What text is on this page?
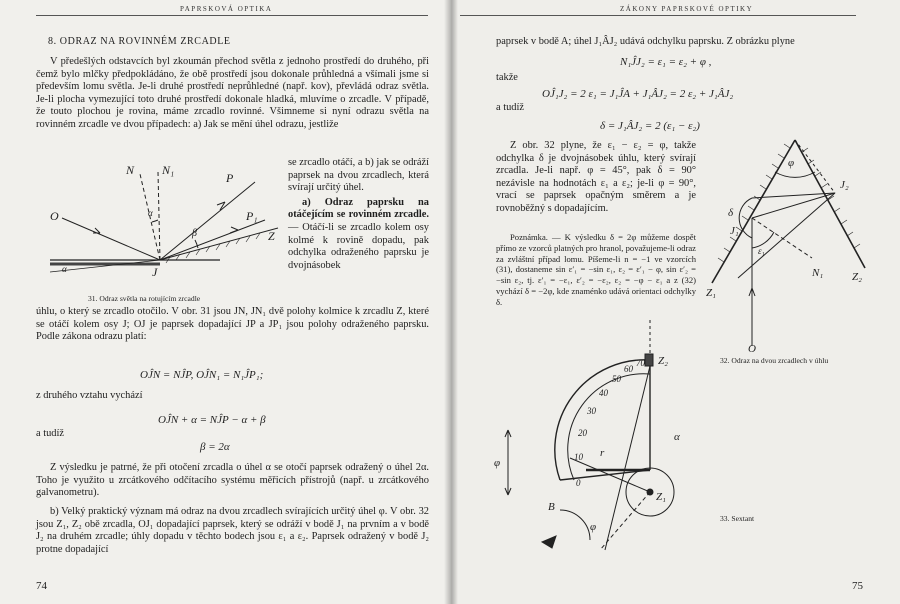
PAPRSKOVÁ OPTIKA
8. ODRAZ NA ROVINNÉM ZRCADLE

V předešlých odstavcích byl zkoumán přechod světla z jednoho prostředí do druhého, při čemž bylo mlčky předpokládáno, že obě prostředí jsou dokonale průhledná a všímali jsme si především lomu světla. Je-li druhé prostředí neprůhledné (např. kov), převládá odraz světla. Je-li plocha vymezující toto druhé prostředí dokonale hladká, mluvíme o zrcadle. V případě, že touto plochou je rovina, máme zrcadlo rovinné. Všimneme si nyní odrazu světla na rovinném zrcadle ve dvou případech: a) Jak se mění úhel odrazu, jestliže

se zrcadlo otáčí, a b) jak se odráží paprsek na dvou zrcadlech, která svírají určitý úhel.

a) Odraz paprsku na otáčejícím se rovinném zrcadle. — Otáčí-li se zrcadlo kolem osy kolmé k rovině dopadu, pak odchylka odraženého paprsku je dvojnásobek

N N₁
P
P₁
O
Z
J
α
β
α
31. Odraz světla na rotujícím zrcadle

úhlu, o který se zrcadlo otočilo. V obr. 31 jsou JN, JN₁ dvě polohy kolmice k zrcadlu Z, které se otáčí kolem osy J; OJ je paprsek dopadající JP a JP₁ jsou polohy odraženého paprsku. Podle zákona odrazu platí:

OĴN = NĴP, OĴN₁ = N₁ĴP₁;
z druhého vztahu vychází
OĴN + α = NĴP − α + β
a tudíž
β = 2α

Z výsledku je patrné, že při otočení zrcadla o úhel α se otočí paprsek odražený o úhel 2α. Toho je využito u zrcátkového odčítacího systému měřicích přístrojů (např. u zrcátkového galvanometru).

b) Velký praktický význam má odraz na dvou zrcadlech svírajících určitý úhel φ. V obr. 32 jsou Z₁, Z₂ obě zrcadla, OJ₁ dopadající paprsek, který se odráží v bodě J₁ na prvním a v bodě J₂ na druhém zrcadle; úhly dopadu v těchto bodech jsou ε₁ a ε₂. Paprsek odražený v bodě J₂ protne dopadající

74
ZÁKONY PAPRSKOVÉ OPTIKY
paprsek v bodě A; úhel J₁ÂJ₂ udává odchylku paprsku. Z obrázku plyne
N₁ĴJ₂ = ε₁ = ε₂ + φ ,
takže
OĴ₁J₂ = 2 ε₁ = J₁ĴA + J₁ÂJ₂ = 2 ε₂ + J₁ÂJ₂
a tudíž
δ = J₁ÂJ₂ = 2 (ε₁ − ε₂)

Z obr. 32 plyne, že ε₁ − ε₂ = φ, takže odchylka δ je dvojnásobek úhlu, který svírají zrcadla. Je-li např. φ = 45°, pak δ = 90° nezávisle na hodnotách ε₁ a ε₂; je-li φ = 90°, vrací se paprsek opačným směrem a je rovnoběžný s dopadajícím.

Poznámka. — K výsledku δ = 2φ můžeme dospět přímo ze vzorců platných pro hranol, považujeme-li odraz za zvláštní případ lomu. Píšeme-li n = −1 ve vzorcích (31), dostaneme sin ε′₁ = −sin ε₁, ε₂ = ε′₁ − φ, sin ε′₂ = −sin ε₂, tj. ε′₁ = −ε₁, ε′₂ = −ε₂, ε₂ = −φ − ε₁ a z (32) vychází δ = −2φ, kde znaménko udává orientaci odchylky δ.

φ
δ
J₂
J₁
ε₁
N₁
Z₁
Z₂
O
32. Odraz na dvou zrcadlech v úhlu
0
10
20
30
40
50
60
70 Z₂
Z₁
r
B
φ
φ
α
33. Sextant
75
